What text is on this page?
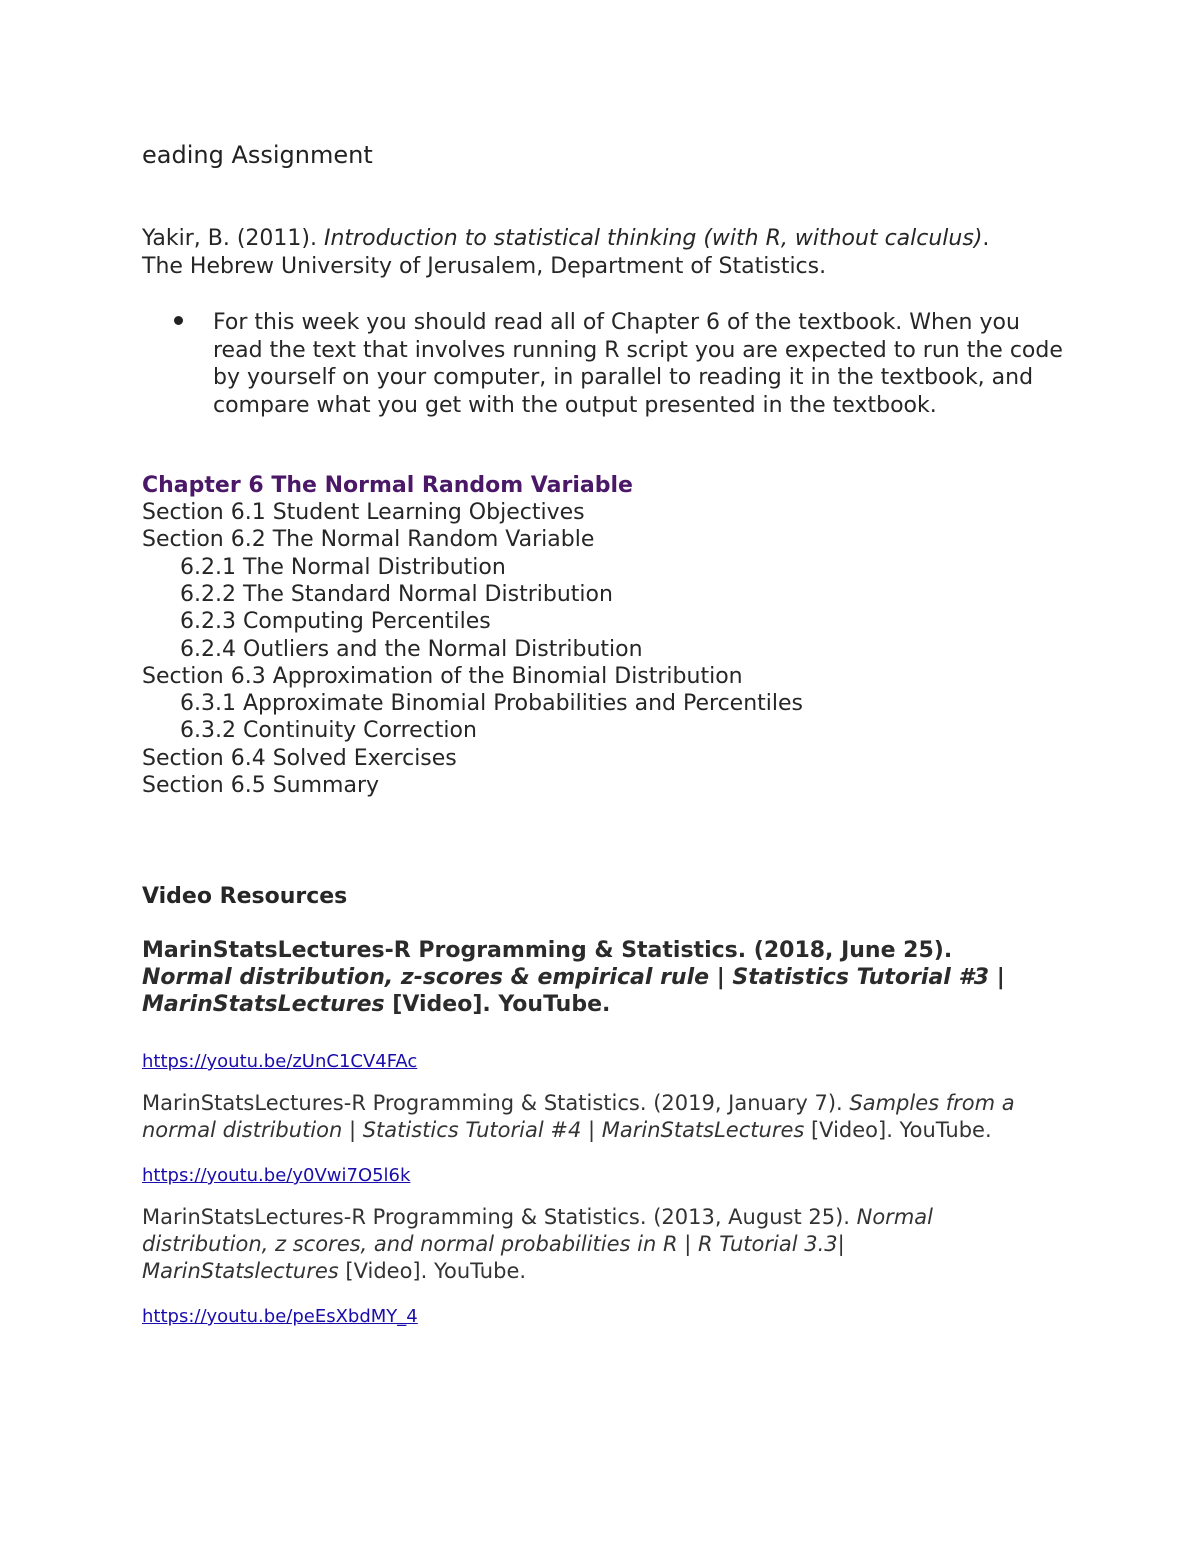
eading Assignment
Yakir, B. (2011). Introduction to statistical thinking (with R, without calculus).
The Hebrew University of Jerusalem, Department of Statistics.
For this week you should read all of Chapter 6 of the textbook. When you read the text that involves running R script you are expected to run the code by yourself on your computer, in parallel to reading it in the textbook, and compare what you get with the output presented in the textbook.
Chapter 6 The Normal Random Variable
Section 6.1 Student Learning Objectives
Section 6.2 The Normal Random Variable
6.2.1 The Normal Distribution
6.2.2 The Standard Normal Distribution
6.2.3 Computing Percentiles
6.2.4 Outliers and the Normal Distribution
Section 6.3 Approximation of the Binomial Distribution
6.3.1 Approximate Binomial Probabilities and Percentiles
6.3.2 Continuity Correction
Section 6.4 Solved Exercises
Section 6.5 Summary
Video Resources
MarinStatsLectures-R Programming & Statistics. (2018, June 25). Normal distribution, z-scores & empirical rule | Statistics Tutorial #3 | MarinStatsLectures [Video]. YouTube.
https://youtu.be/zUnC1CV4FAc
MarinStatsLectures-R Programming & Statistics. (2019, January 7). Samples from a normal distribution | Statistics Tutorial #4 | MarinStatsLectures [Video]. YouTube.
https://youtu.be/y0Vwi7O5l6k
MarinStatsLectures-R Programming & Statistics. (2013, August 25). Normal distribution, z scores, and normal probabilities in R | R Tutorial 3.3| MarinStatslectures [Video]. YouTube.
https://youtu.be/peEsXbdMY_4
